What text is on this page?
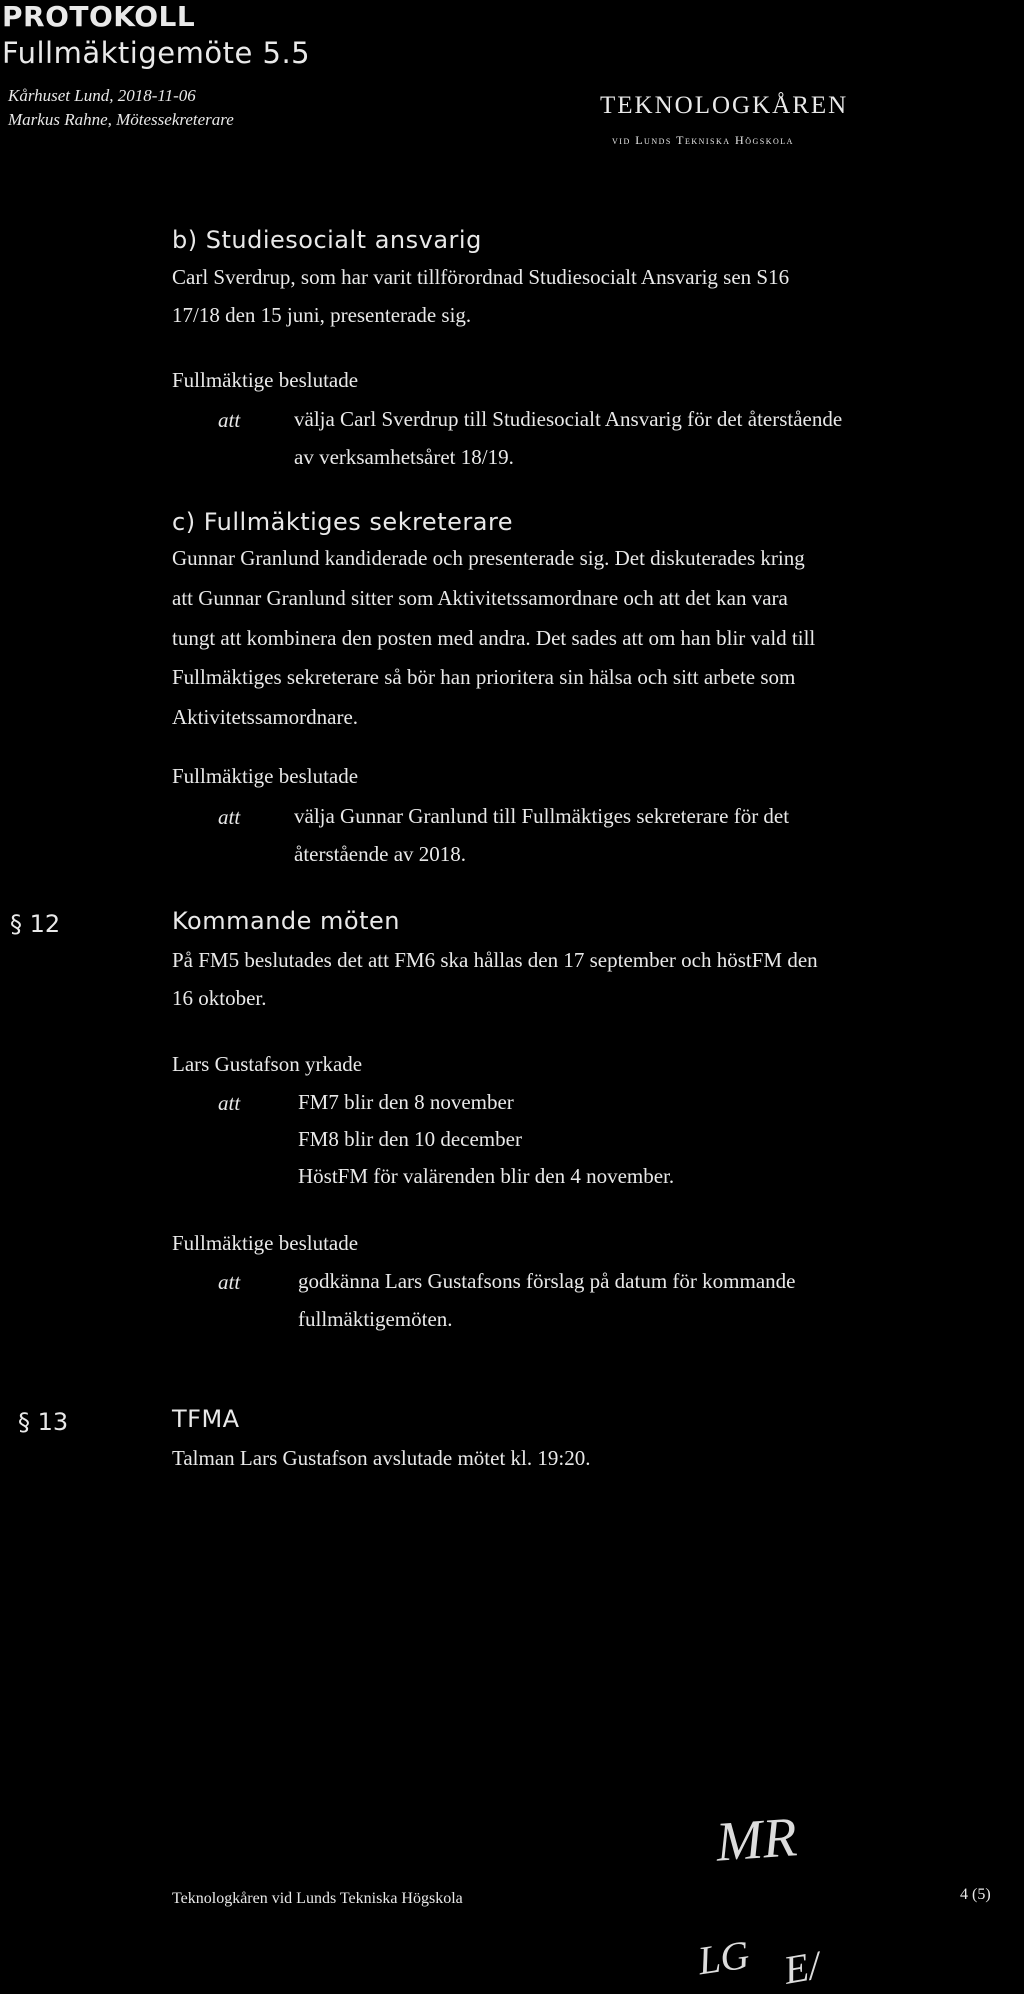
PROTOKOLL
Fullmäktigemöte 5.5
Kårhuset Lund, 2018-11-06
Markus Rahne, Mötessekreterare
TEKNOLOGKÅREN
vid Lunds Tekniska Högskola
b) Studiesocialt ansvarig
Carl Sverdrup, som har varit tillförordnad Studiesocialt Ansvarig sen S16
17/18 den 15 juni, presenterade sig.
Fullmäktige beslutade
att	välja Carl Sverdrup till Studiesocialt Ansvarig för det återstående
av verksamhetsåret 18/19.
c) Fullmäktiges sekreterare
Gunnar Granlund kandiderade och presenterade sig. Det diskuterades kring
att Gunnar Granlund sitter som Aktivitetssamordnare och att det kan vara
tungt att kombinera den posten med andra. Det sades att om han blir vald till
Fullmäktiges sekreterare så bör han prioritera sin hälsa och sitt arbete som
Aktivitetssamordnare.
Fullmäktige beslutade
att	välja Gunnar Granlund till Fullmäktiges sekreterare för det
återstående av 2018.
§ 12	Kommande möten
På FM5 beslutades det att FM6 ska hållas den 17 september och höstFM den
16 oktober.
Lars Gustafson yrkade
att	FM7 blir den 8 november
FM8 blir den 10 december
HöstFM för valärenden blir den 4 november.
Fullmäktige beslutade
att	godkänna Lars Gustafsons förslag på datum för kommande
fullmäktigemöten.
§ 13	TFMA
Talman Lars Gustafson avslutade mötet kl. 19:20.
MR
LG E/
Teknologkåren vid Lunds Tekniska Högskola	4 (5)
